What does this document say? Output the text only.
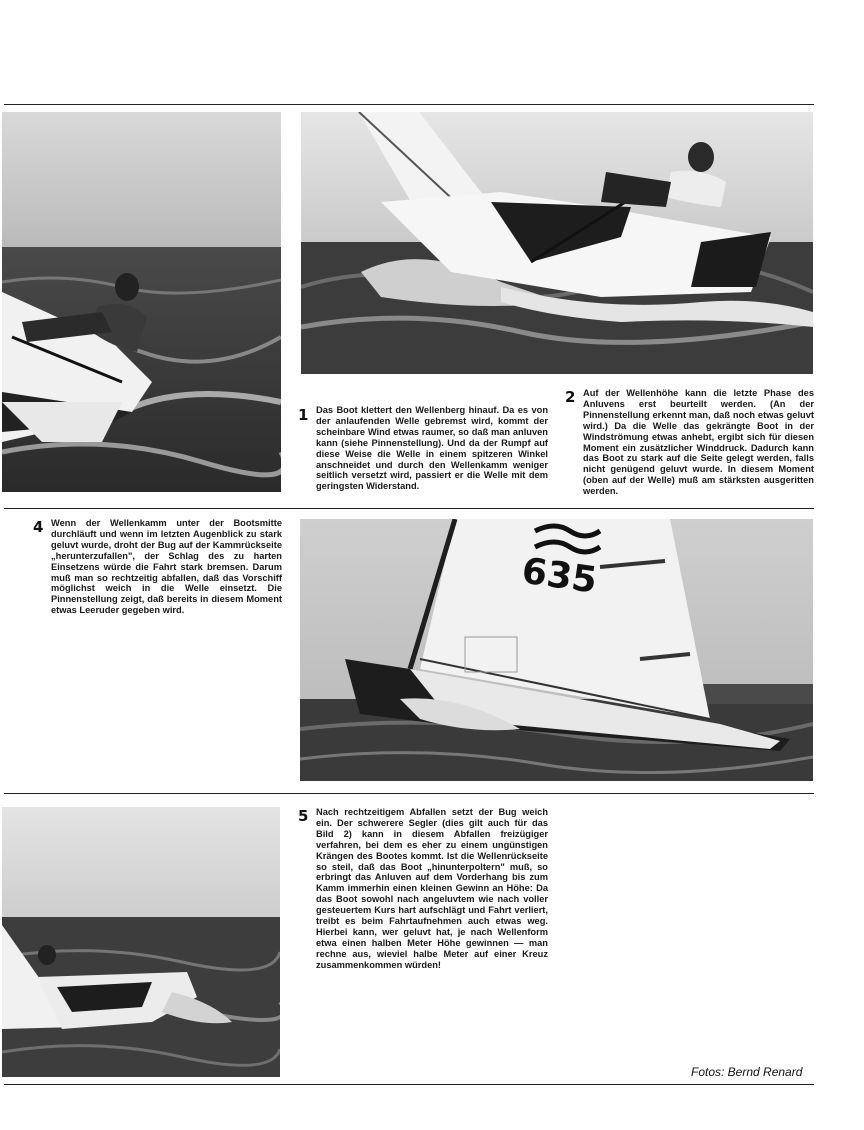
1 Das Boot klettert den Wellenberg hinauf. Da es von der anlaufenden Welle gebremst wird, kommt der scheinbare Wind etwas raumer, so daß man anluven kann (siehe Pinnenstellung). Und da der Rumpf auf diese Weise die Welle in einem spitzeren Winkel anschneidet und durch den Wellenkamm weniger seitlich versetzt wird, passiert er die Welle mit dem geringsten Widerstand.
2 Auf der Wellenhöhe kann die letzte Phase des Anluvens erst beurteilt werden. (An der Pinnenstellung erkennt man, daß noch etwas geluvt wird.) Da die Welle das gekrängte Boot in der Windströmung etwas anhebt, ergibt sich für diesen Moment ein zusätzlicher Winddruck. Dadurch kann das Boot zu stark auf die Seite gelegt werden, falls nicht genügend geluvt wurde. In diesem Moment (oben auf der Welle) muß am stärksten ausgeritten werden.
4 Wenn der Wellenkamm unter der Bootsmitte durchläuft und wenn im letzten Augenblick zu stark geluvt wurde, droht der Bug auf der Kammrückseite „herunterzufallen", der Schlag des zu harten Einsetzens würde die Fahrt stark bremsen. Darum muß man so rechtzeitig abfallen, daß das Vorschiff möglichst weich in die Welle einsetzt. Die Pinnenstellung zeigt, daß bereits in diesem Moment etwas Leeruder gegeben wird.
635
5 Nach rechtzeitigem Abfallen setzt der Bug weich ein. Der schwerere Segler (dies gilt auch für das Bild 2) kann in diesem Abfallen freizügiger verfahren, bei dem es eher zu einem ungünstigen Krängen des Bootes kommt. Ist die Wellenrückseite so steil, daß das Boot „hinunterpoltern" muß, so erbringt das Anluven auf dem Vorderhang bis zum Kamm immerhin einen kleinen Gewinn an Höhe: Da das Boot sowohl nach angeluvtem wie nach voller gesteuertem Kurs hart aufschlägt und Fahrt verliert, treibt es beim Fahrtaufnehmen auch etwas weg. Hierbei kann, wer geluvt hat, je nach Wellenform etwa einen halben Meter Höhe gewinnen — man rechne aus, wieviel halbe Meter auf einer Kreuz zusammenkommen würden!
Fotos: Bernd Renard
